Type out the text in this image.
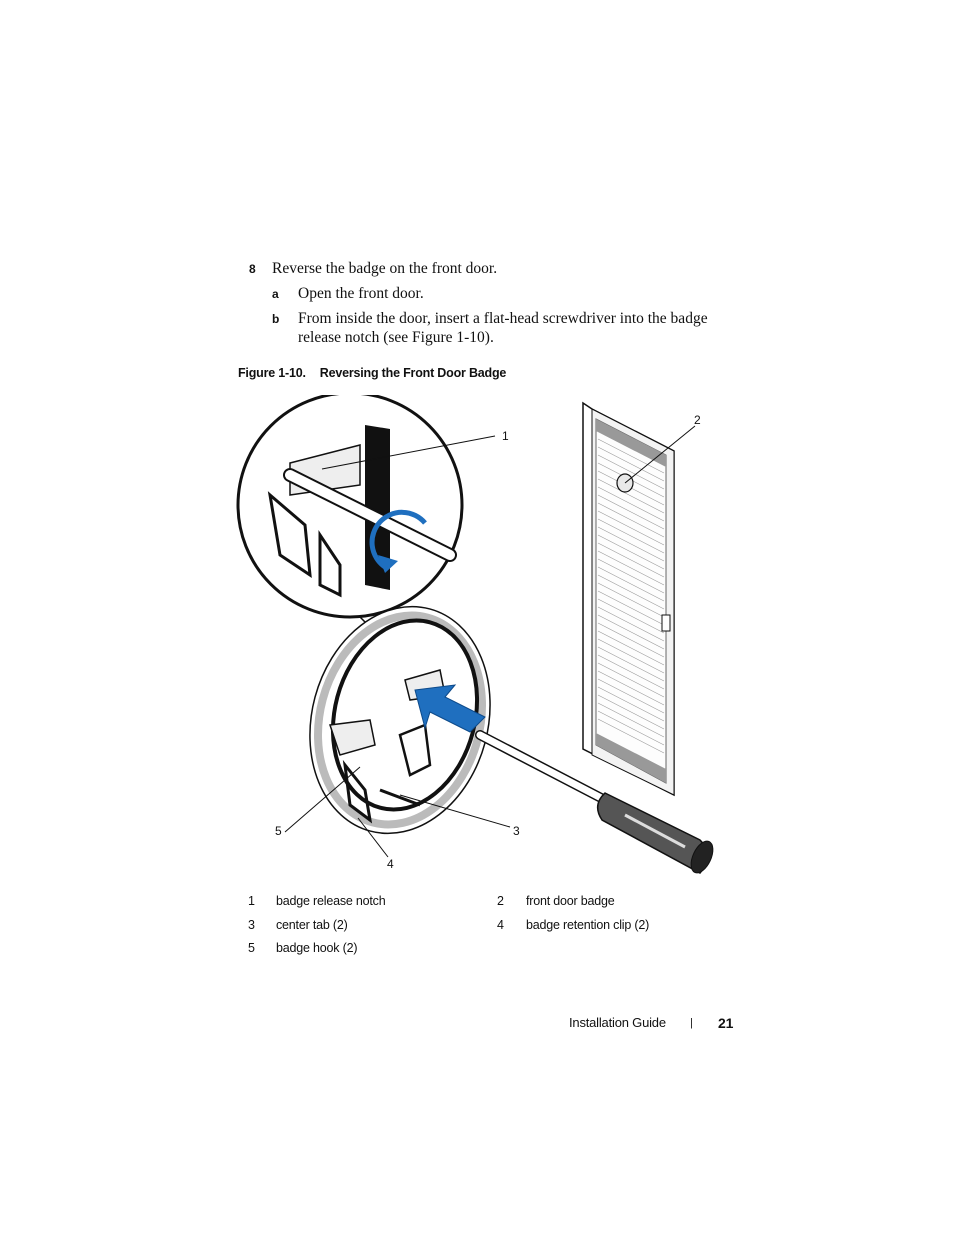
8 Reverse the badge on the front door.
a Open the front door.
b From inside the door, insert a flat-head screwdriver into the badge
release notch (see Figure 1-10).
Figure 1-10. Reversing the Front Door Badge
1
2
3
4
5
1 badge release notch	2 front door badge
3 center tab (2)	4 badge retention clip (2)
5 badge hook (2)
Installation Guide | 21
